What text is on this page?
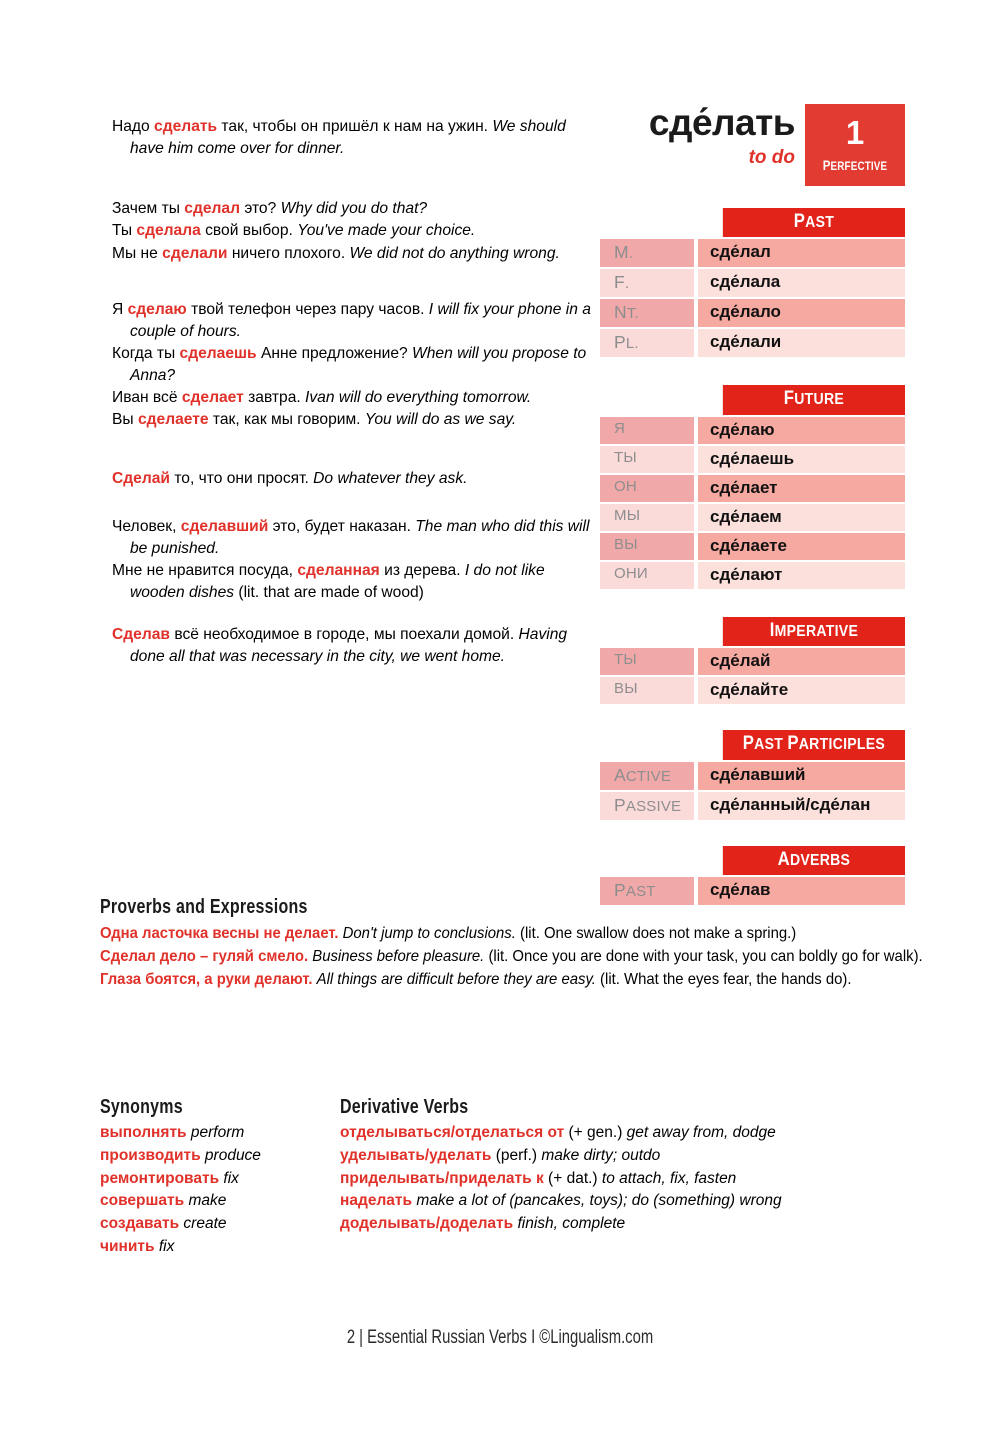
сде́лать
to do
1
PERFECTIVE

Надо сделать так, чтобы он пришёл к нам на ужин. We should have him come over for dinner.

Зачем ты сделал это? Why did you do that?

Ты сделала свой выбор. You've made your choice.

Мы не сделали ничего плохого. We did not do anything wrong.

Я сделаю твой телефон через пару часов. I will fix your phone in a couple of hours.

Когда ты сделаешь Анне предложение? When will you propose to Anna?

Иван всё сделает завтра. Ivan will do everything tomorrow.

Вы сделаете так, как мы говорим. You will do as we say.

Сделай то, что они просят. Do whatever they ask.

Человек, сделавший это, будет наказан. The man who did this will be punished.

Мне не нравится посуда, сделанная из дерева. I do not like wooden dishes (lit. that are made of wood)

Сделав всё необходимое в городе, мы поехали домой. Having done all that was necessary in the city, we went home.

PAST
M.	сде́лал
F.	сде́лала
NT.	сде́лало
PL.	сде́лали
FUTURE
Я	сде́лаю
ТЫ	сде́лаешь
ОН	сде́лает
МЫ	сде́лаем
ВЫ	сде́лаете
ОНИ	сде́лают
IMPERATIVE
ТЫ	сде́лай
ВЫ	сде́лайте
PAST PARTICIPLES
ACTIVE	сде́лавший
PASSIVE	сде́ланный/сде́лан
ADVERBS
PAST	сде́лав
Proverbs and Expressions
Одна ласточка весны не делает. Don't jump to conclusions. (lit. One swallow does not make a spring.)
Сделал дело – гуляй смело. Business before pleasure. (lit. Once you are done with your task, you can boldly go for walk).
Глаза боятся, а руки делают. All things are difficult before they are easy. (lit. What the eyes fear, the hands do).
Synonyms
выполнять perform
производить produce
ремонтировать fix
совершать make
создавать create
чинить fix
Derivative Verbs
отделываться/отделаться от (+ gen.) get away from, dodge
уделывать/уделать (perf.) make dirty; outdo
приделывать/приделать к (+ dat.) to attach, fix, fasten
наделать make a lot of (pancakes, toys); do (something) wrong
доделывать/доделать finish, complete
2 | Essential Russian Verbs I ©Lingualism.com
